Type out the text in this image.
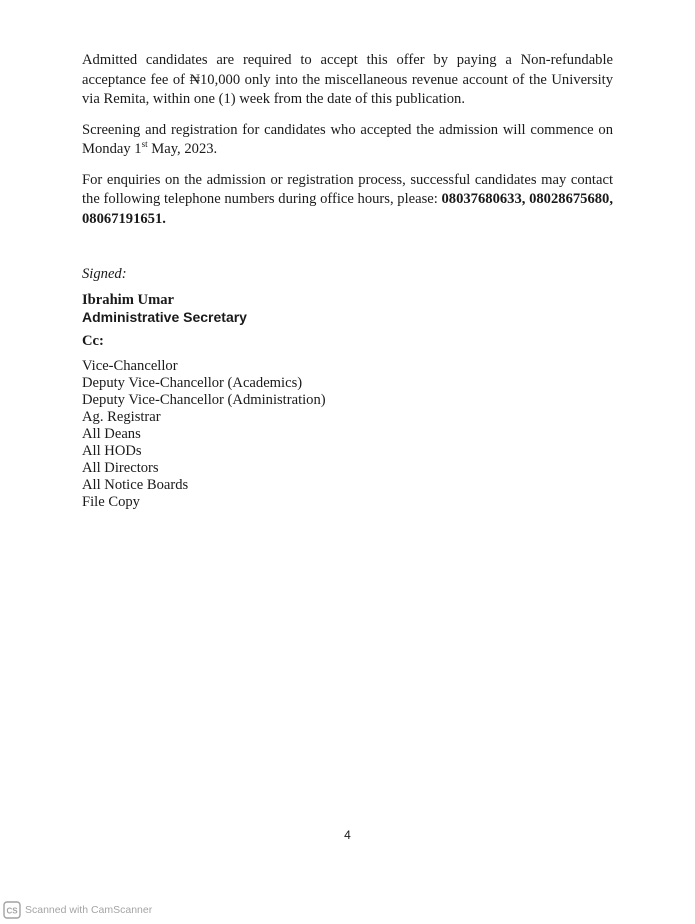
Admitted candidates are required to accept this offer by paying a Non-refundable acceptance fee of ₦10,000 only into the miscellaneous revenue account of the University via Remita, within one (1) week from the date of this publication.

Screening and registration for candidates who accepted the admission will commence on Monday 1st May, 2023.

For enquiries on the admission or registration process, successful candidates may contact the following telephone numbers during office hours, please: 08037680633, 08028675680, 08067191651.

Signed:
Ibrahim Umar
Administrative Secretary
Cc:
Vice-Chancellor
Deputy Vice-Chancellor (Academics)
Deputy Vice-Chancellor (Administration)
Ag. Registrar
All Deans
All HODs
All Directors
All Notice Boards
File Copy
4
CS Scanned with CamScanner
